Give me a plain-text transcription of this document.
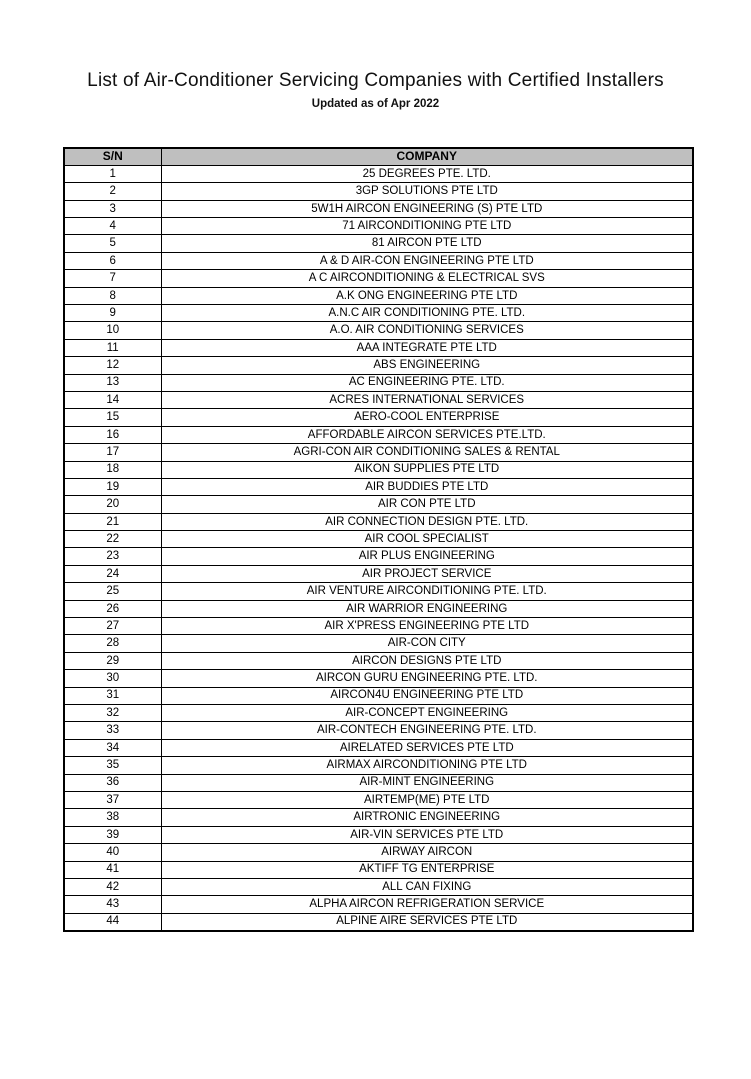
List of Air-Conditioner Servicing Companies with Certified Installers
Updated as of Apr 2022
S/N	COMPANY
1	25 DEGREES PTE. LTD.
2	3GP SOLUTIONS PTE LTD
3	5W1H AIRCON ENGINEERING (S) PTE LTD
4	71 AIRCONDITIONING PTE LTD
5	81 AIRCON PTE LTD
6	A & D AIR-CON ENGINEERING PTE LTD
7	A C AIRCONDITIONING & ELECTRICAL SVS
8	A.K ONG ENGINEERING PTE LTD
9	A.N.C AIR CONDITIONING PTE. LTD.
10	A.O. AIR CONDITIONING SERVICES
11	AAA INTEGRATE PTE LTD
12	ABS ENGINEERING
13	AC ENGINEERING PTE. LTD.
14	ACRES INTERNATIONAL SERVICES
15	AERO-COOL ENTERPRISE
16	AFFORDABLE AIRCON SERVICES PTE.LTD.
17	AGRI-CON AIR CONDITIONING SALES & RENTAL
18	AIKON SUPPLIES PTE LTD
19	AIR BUDDIES PTE LTD
20	AIR CON PTE LTD
21	AIR CONNECTION DESIGN PTE. LTD.
22	AIR COOL SPECIALIST
23	AIR PLUS ENGINEERING
24	AIR PROJECT SERVICE
25	AIR VENTURE AIRCONDITIONING PTE. LTD.
26	AIR WARRIOR ENGINEERING
27	AIR X'PRESS ENGINEERING PTE LTD
28	AIR-CON CITY
29	AIRCON DESIGNS PTE LTD
30	AIRCON GURU ENGINEERING PTE. LTD.
31	AIRCON4U ENGINEERING PTE LTD
32	AIR-CONCEPT ENGINEERING
33	AIR-CONTECH ENGINEERING PTE. LTD.
34	AIRELATED SERVICES PTE LTD
35	AIRMAX AIRCONDITIONING PTE LTD
36	AIR-MINT ENGINEERING
37	AIRTEMP(ME) PTE LTD
38	AIRTRONIC ENGINEERING
39	AIR-VIN SERVICES PTE LTD
40	AIRWAY AIRCON
41	AKTIFF TG ENTERPRISE
42	ALL CAN FIXING
43	ALPHA AIRCON REFRIGERATION SERVICE
44	ALPINE AIRE SERVICES PTE LTD
